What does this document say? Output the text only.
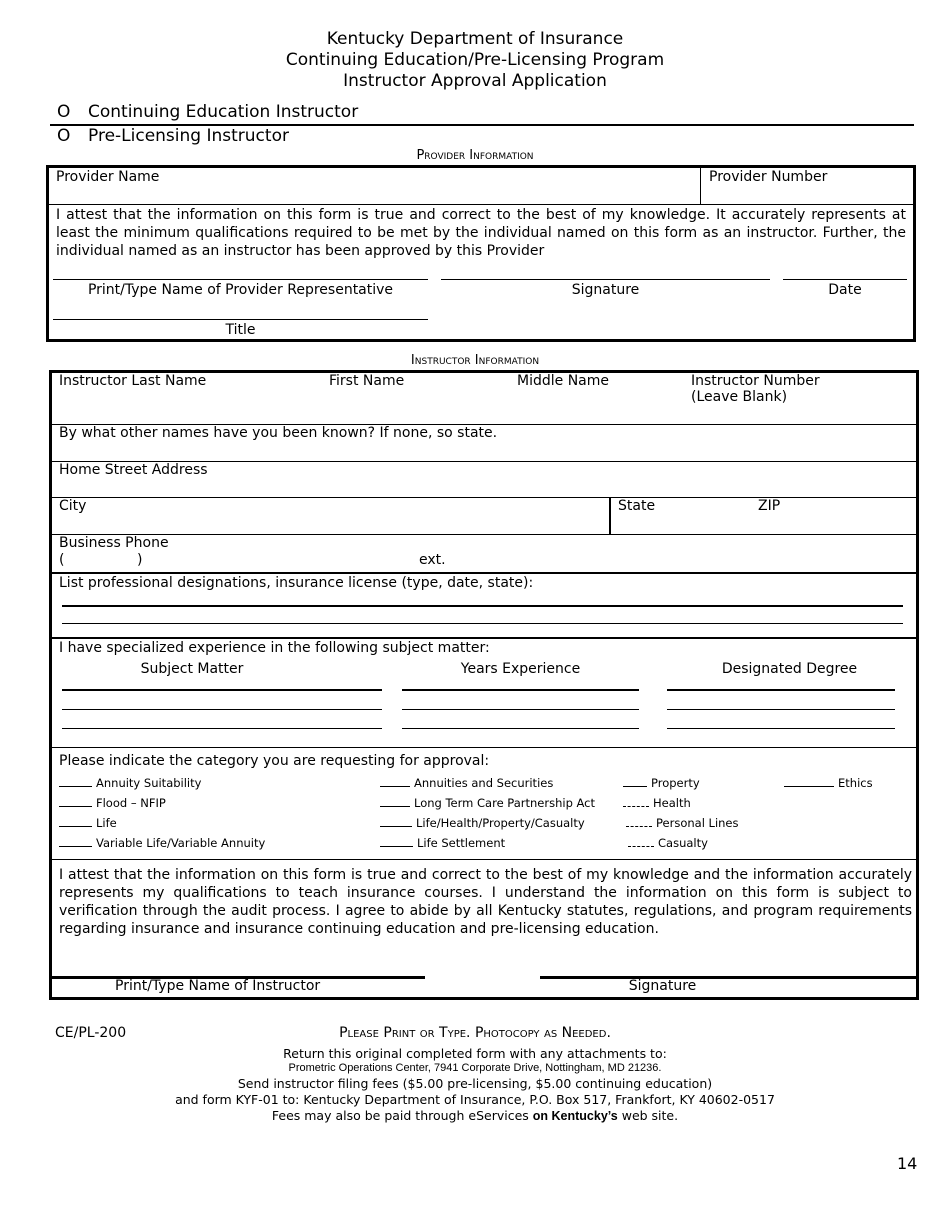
Kentucky Department of Insurance
Continuing Education/Pre-Licensing Program
Instructor Approval Application
O Continuing Education Instructor
O Pre-Licensing Instructor
Provider Information
Provider Name	Provider Number
I attest that the information on this form is true and correct to the best of my knowledge. It accurately represents at least the minimum qualifications required to be met by the individual named on this form as an instructor. Further, the individual named as an instructor has been approved by this Provider
Print/Type Name of Provider Representative	Signature	Date
Title
Instructor Information
Instructor Last Name	First Name	Middle Name	Instructor Number
(Leave Blank)
By what other names have you been known? If none, so state.
Home Street Address
City	State	ZIP
Business Phone
(	)	ext.
List professional designations, insurance license (type, date, state):
I have specialized experience in the following subject matter:
Subject Matter	Years Experience	Designated Degree
Please indicate the category you are requesting for approval:
Annuity Suitability	Annuities and Securities	Property	Ethics
Flood – NFIP	Long Term Care Partnership Act	Health
Life	Life/Health/Property/Casualty	Personal Lines
Variable Life/Variable Annuity	Life Settlement	Casualty
I attest that the information on this form is true and correct to the best of my knowledge and the information accurately represents my qualifications to teach insurance courses. I understand the information on this form is subject to verification through the audit process. I agree to abide by all Kentucky statutes, regulations, and program requirements regarding insurance and insurance continuing education and pre-licensing education.
Print/Type Name of Instructor	Signature
CE/PL-200	Please Print or Type. Photocopy as Needed.
Return this original completed form with any attachments to:
Prometric Operations Center, 7941 Corporate Drive, Nottingham, MD 21236.
Send instructor filing fees ($5.00 pre-licensing, $5.00 continuing education)
and form KYF-01 to: Kentucky Department of Insurance, P.O. Box 517, Frankfort, KY 40602-0517
Fees may also be paid through eServices on Kentucky’s web site.
14
